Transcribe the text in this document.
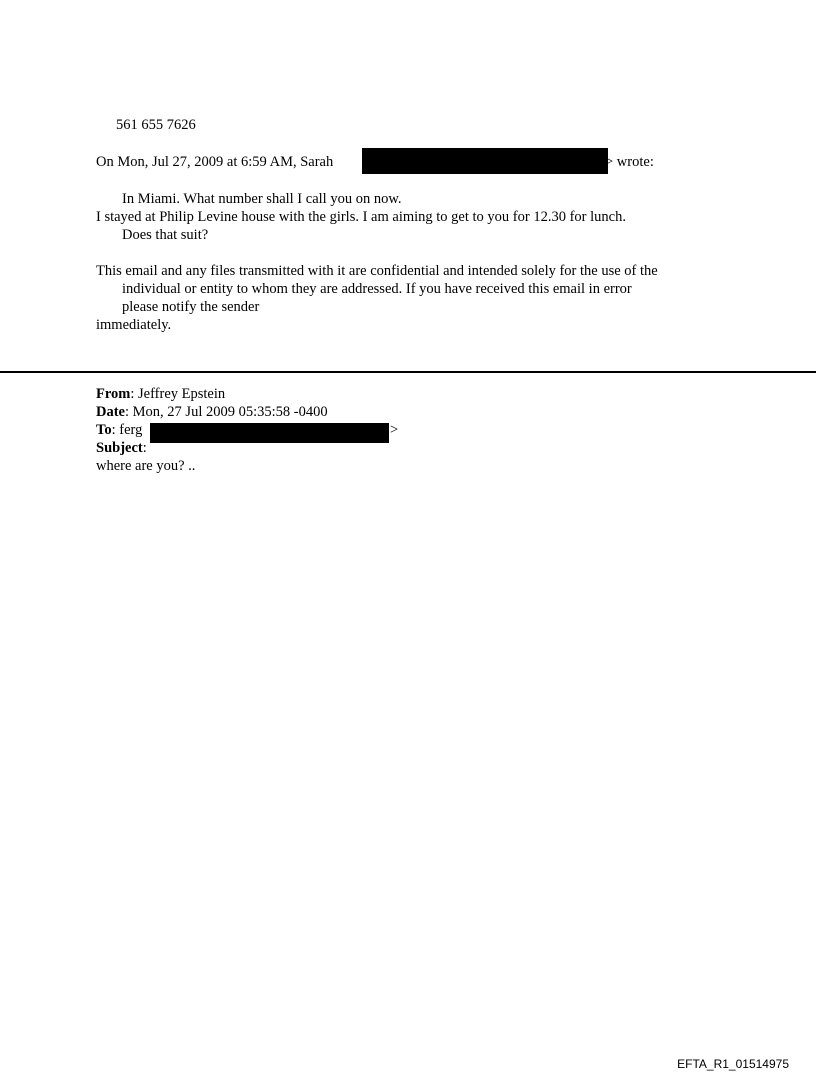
561 655 7626
On Mon, Jul 27, 2009 at 6:59 AM, Sarah	> wrote:
In Miami. What number shall I call you on now.
I stayed at Philip Levine house with the girls. I am aiming to get to you for 12.30 for lunch.
Does that suit?
This email and any files transmitted with it are confidential and intended solely for the use of the
individual or entity to whom they are addressed. If you have received this email in error
please notify the sender
immediately.
From: Jeffrey Epstein
Date: Mon, 27 Jul 2009 05:35:58 -0400
To: ferg	>
Subject:
where are you? ..
EFTA_R1_01514975
